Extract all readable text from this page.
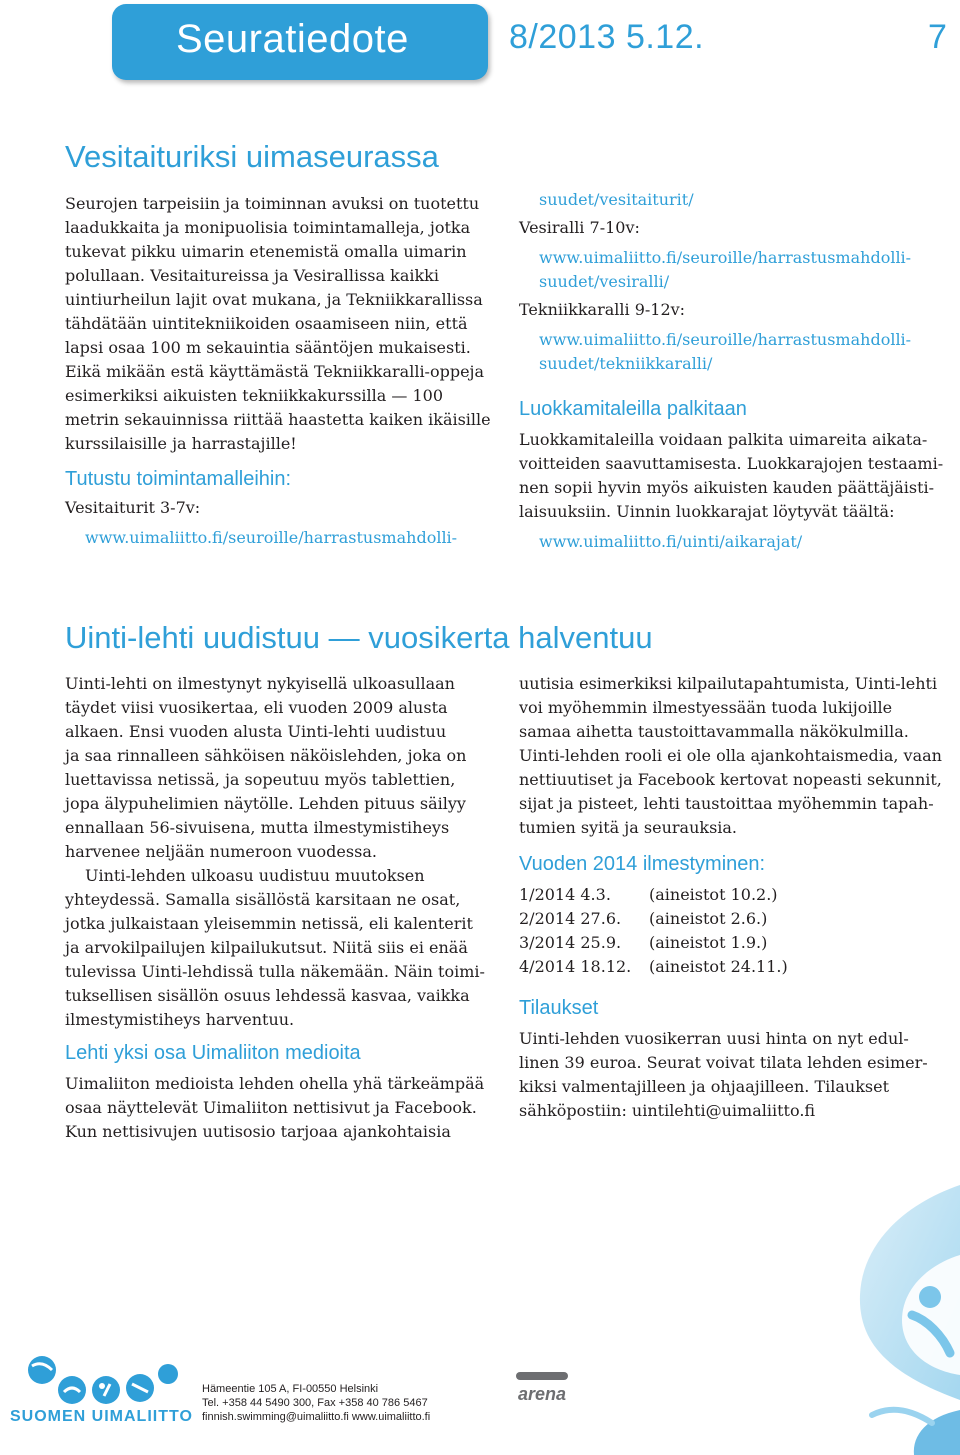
Seuratiedote	8/2013 5.12.	7
Vesitaituriksi uimaseurassa
Seurojen tarpeisiin ja toiminnan avuksi on tuotettu
laadukkaita ja monipuolisia toimintamalleja, jotka
tukevat pikku uimarin etenemistä omalla uimarin
polullaan. Vesitaitureissa ja Vesirallissa kaikki
uintiurheilun lajit ovat mukana, ja Tekniikkarallissa
tähdätään uintitekniikoiden osaamiseen niin, että
lapsi osaa 100 m sekauintia sääntöjen mukaisesti.
Eikä mikään estä käyttämästä Tekniikkaralli-oppeja
esimerkiksi aikuisten tekniikkakurssilla — 100
metrin sekauinnissa riittää haastetta kaiken ikäisille
kurssilaisille ja harrastajille!
Tutustu toimintamalleihin:
Vesitaiturit 3-7v:
www.uimaliitto.fi/seuroille/harrastusmahdolli-
suudet/vesitaiturit/
Vesiralli 7-10v:
www.uimaliitto.fi/seuroille/harrastusmahdolli-
suudet/vesiralli/
Tekniikkaralli 9-12v:
www.uimaliitto.fi/seuroille/harrastusmahdolli-
suudet/tekniikkaralli/
Luokkamitaleilla palkitaan
Luokkamitaleilla voidaan palkita uimareita aikata-
voitteiden saavuttamisesta. Luokkarajojen testaami-
nen sopii hyvin myös aikuisten kauden päättäjäisti-
laisuuksiin. Uinnin luokkarajat löytyvät täältä:
www.uimaliitto.fi/uinti/aikarajat/
Uinti-lehti uudistuu — vuosikerta halventuu
Uinti-lehti on ilmestynyt nykyisellä ulkoasullaan
täydet viisi vuosikertaa, eli vuoden 2009 alusta
alkaen. Ensi vuoden alusta Uinti-lehti uudistuu
ja saa rinnalleen sähköisen näköislehden, joka on
luettavissa netissä, ja sopeutuu myös tablettien,
jopa älypuhelimien näytölle. Lehden pituus säilyy
ennallaan 56-sivuisena, mutta ilmestymistiheys
harvenee neljään numeroon vuodessa.
Uinti-lehden ulkoasu uudistuu muutoksen
yhteydessä. Samalla sisällöstä karsitaan ne osat,
jotka julkaistaan yleisemmin netissä, eli kalenterit
ja arvokilpailujen kilpailukutsut. Niitä siis ei enää
tulevissa Uinti-lehdissä tulla näkemään. Näin toimi-
tuksellisen sisällön osuus lehdessä kasvaa, vaikka
ilmestymistiheys harventuu.
Lehti yksi osa Uimaliiton medioita
Uimaliiton medioista lehden ohella yhä tärkeämpää
osaa näyttelevät Uimaliiton nettisivut ja Facebook.
Kun nettisivujen uutisosio tarjoaa ajankohtaisia
uutisia esimerkiksi kilpailutapahtumista, Uinti-lehti
voi myöhemmin ilmestyessään tuoda lukijoille
samaa aihetta taustoittavammalla näkökulmilla.
Uinti-lehden rooli ei ole olla ajankohtaismedia, vaan
nettiuutiset ja Facebook kertovat nopeasti sekunnit,
sijat ja pisteet, lehti taustoittaa myöhemmin tapah-
tumien syitä ja seurauksia.
Vuoden 2014 ilmestyminen:
1/2014 4.3.	(aineistot 10.2.)
2/2014 27.6.	(aineistot 2.6.)
3/2014 25.9.	(aineistot 1.9.)
4/2014 18.12.	(aineistot 24.11.)
Tilaukset
Uinti-lehden vuosikerran uusi hinta on nyt edul-
linen 39 euroa. Seurat voivat tilata lehden esimer-
kiksi valmentajilleen ja ohjaajilleen. Tilaukset
sähköpostiin: uintilehti@uimaliitto.fi
SUOMEN UIMALIITTO
Hämeentie 105 A, FI-00550 Helsinki
Tel. +358 44 5490 300, Fax +358 40 786 5467
finnish.swimming@uimaliitto.fi www.uimaliitto.fi
arena
